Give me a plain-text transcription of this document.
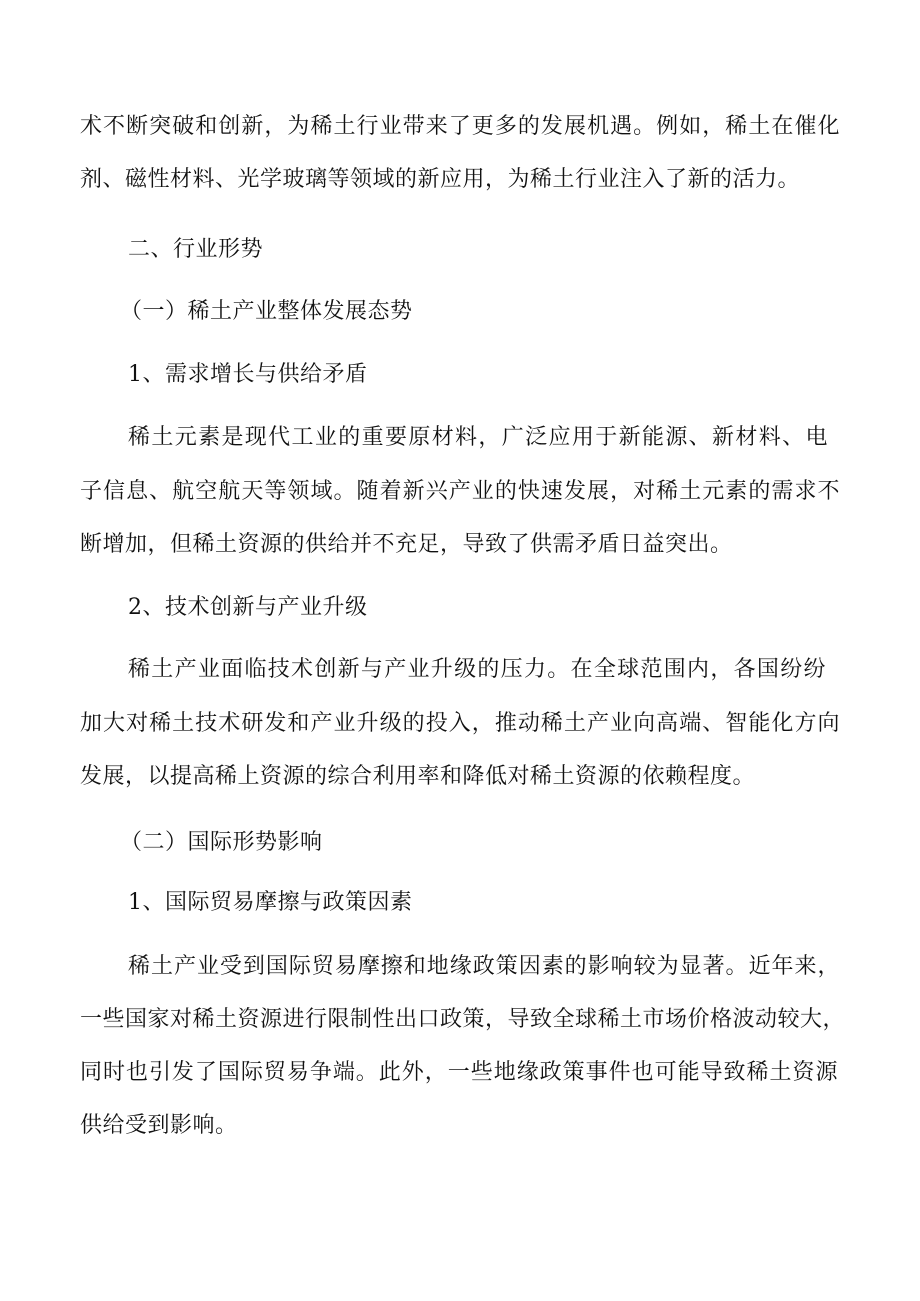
术不断突破和创新，为稀土行业带来了更多的发展机遇。例如，稀土在催化

剂、磁性材料、光学玻璃等领域的新应用，为稀土行业注入了新的活力。

二、行业形势

（一）稀土产业整体发展态势

1、需求增长与供给矛盾

稀土元素是现代工业的重要原材料，广泛应用于新能源、新材料、电

子信息、航空航天等领域。随着新兴产业的快速发展，对稀土元素的需求不

断增加，但稀土资源的供给并不充足，导致了供需矛盾日益突出。

2、技术创新与产业升级

稀土产业面临技术创新与产业升级的压力。在全球范围内，各国纷纷

加大对稀土技术研发和产业升级的投入，推动稀土产业向高端、智能化方向

发展，以提高稀上资源的综合利用率和降低对稀土资源的依赖程度。

（二）国际形势影响

1、国际贸易摩擦与政策因素

稀土产业受到国际贸易摩擦和地缘政策因素的影响较为显著。近年来，

一些国家对稀土资源进行限制性出口政策，导致全球稀土市场价格波动较大，

同时也引发了国际贸易争端。此外，一些地缘政策事件也可能导致稀土资源

供给受到影响。
